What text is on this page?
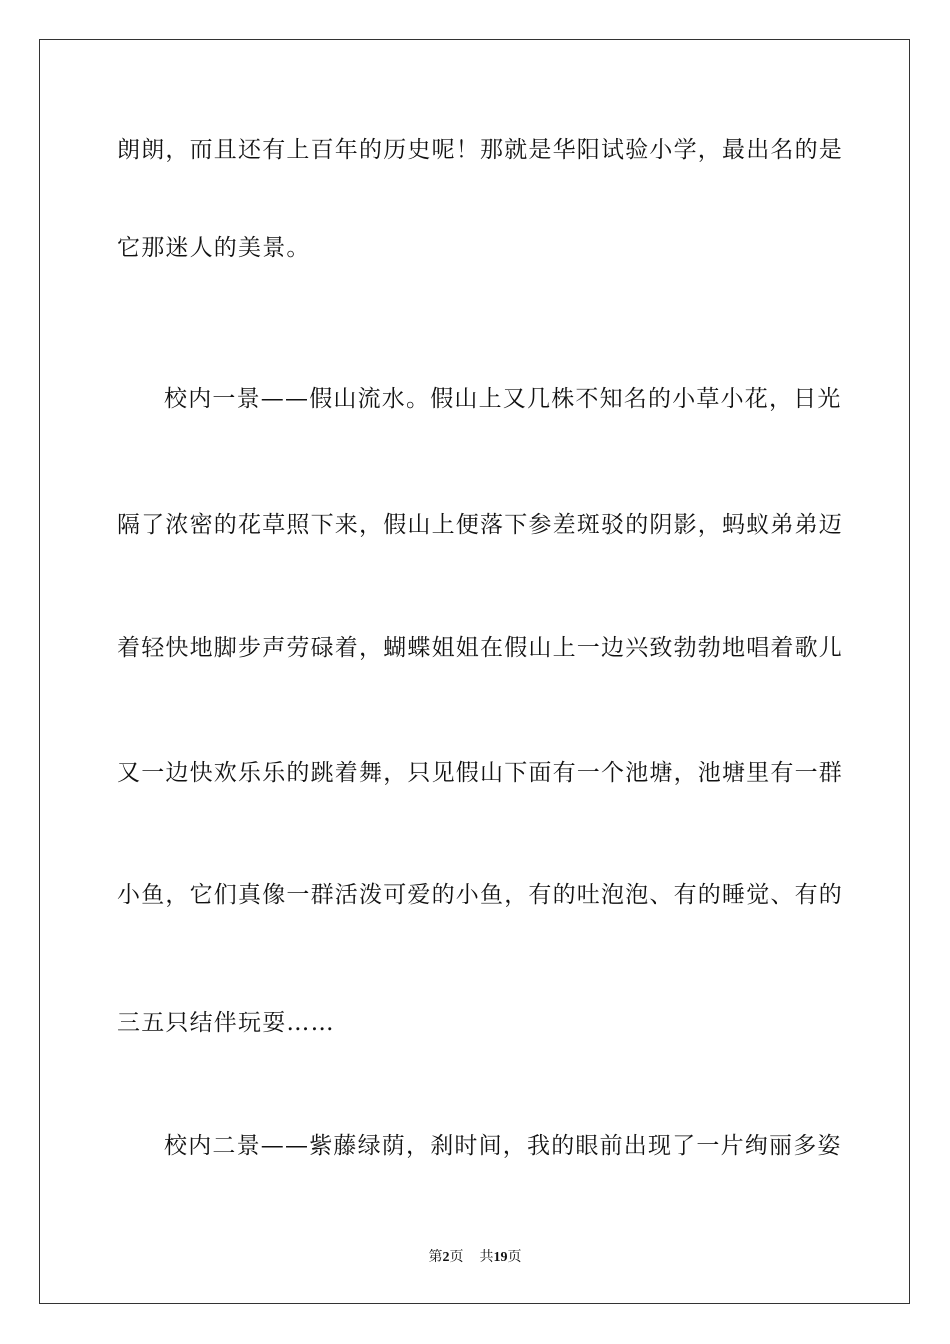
朗朗，而且还有上百年的历史呢！那就是华阳试验小学，最出名的是
它那迷人的美景。
校内一景——假山流水。假山上又几株不知名的小草小花，日光
隔了浓密的花草照下来，假山上便落下参差斑驳的阴影，蚂蚁弟弟迈
着轻快地脚步声劳碌着，蝴蝶姐姐在假山上一边兴致勃勃地唱着歌儿
又一边快欢乐乐的跳着舞，只见假山下面有一个池塘，池塘里有一群
小鱼，它们真像一群活泼可爱的小鱼，有的吐泡泡、有的睡觉、有的
三五只结伴玩耍……
校内二景——紫藤绿荫，刹时间，我的眼前出现了一片绚丽多姿
第2页 共19页
